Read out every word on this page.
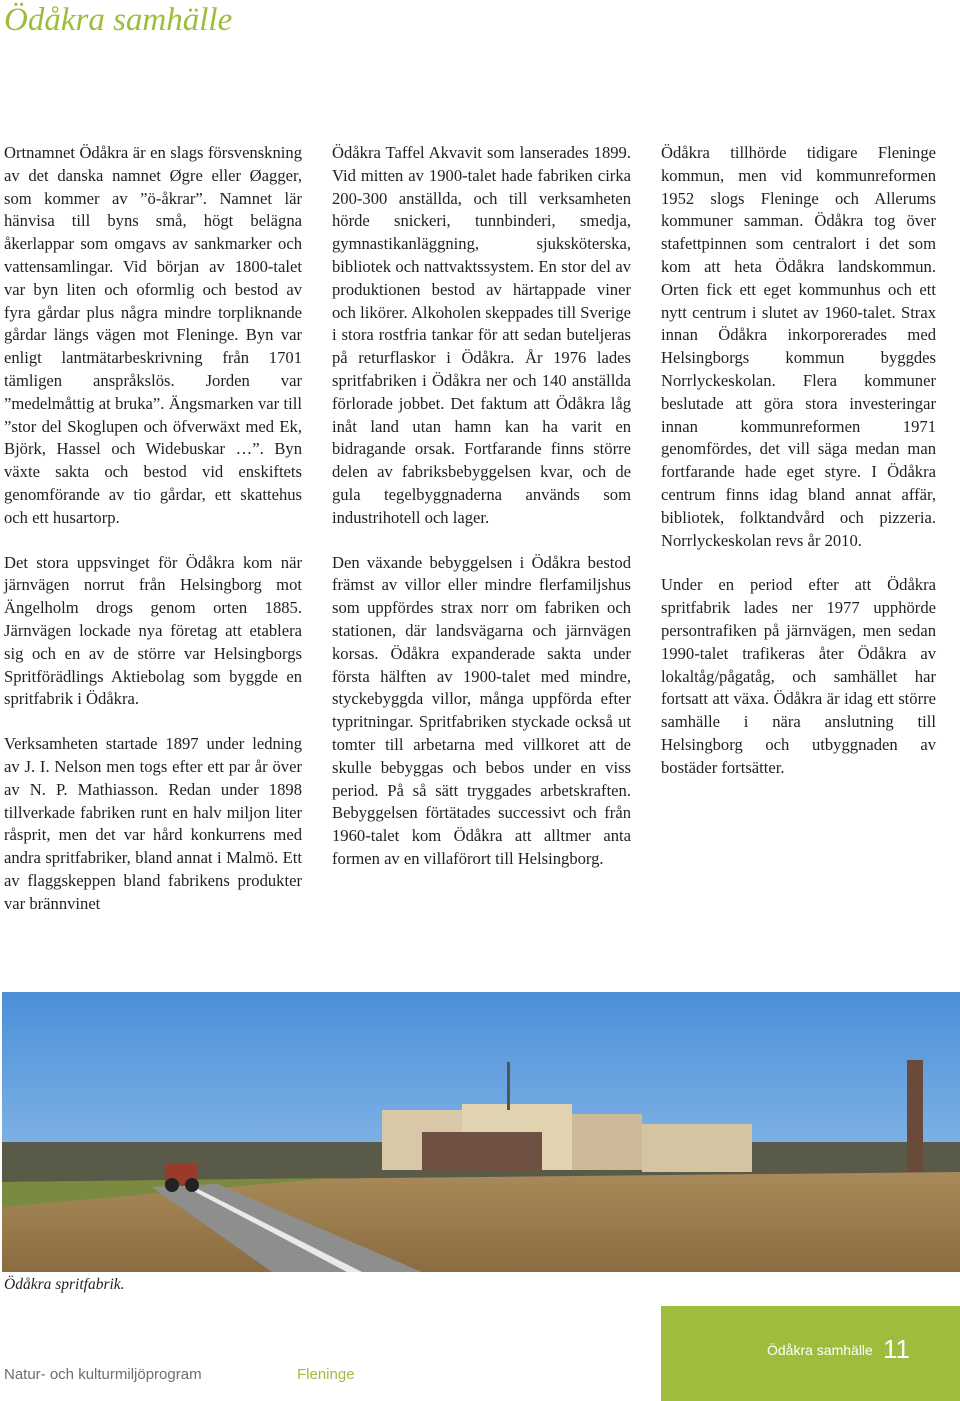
Ödåkra samhälle

Ortnamnet Ödåkra är en slags försvenskning av det danska namnet Øgre eller Øagger, som kommer av ”ö-åkrar”. Namnet lär hänvisa till byns små, högt belägna åkerlappar som omgavs av sankmarker och vattensamlingar. Vid början av 1800-talet var byn liten och oformlig och bestod av fyra gårdar plus några mindre torpliknande gårdar längs vägen mot Fleninge. Byn var enligt lantmätarbeskrivning från 1701 tämligen anspråkslös. Jorden var ”medelmåttig at bruka”. Ängsmarken var till ”stor del Skoglupen och öfverwäxt med Ek, Björk, Hassel och Widebuskar …”. Byn växte sakta och bestod vid enskiftets genomförande av tio gårdar, ett skattehus och ett husartorp.

Det stora uppsvinget för Ödåkra kom när järnvägen norrut från Helsingborg mot Ängelholm drogs genom orten 1885. Järnvägen lockade nya företag att etablera sig och en av de större var Helsingborgs Spritförädlings Aktiebolag som byggde en spritfabrik i Ödåkra.

Verksamheten startade 1897 under ledning av J. I. Nelson men togs efter ett par år över av N. P. Mathiasson. Redan under 1898 tillverkade fabriken runt en halv miljon liter råsprit, men det var hård konkurrens med andra spritfabriker, bland annat i Malmö. Ett av flaggskeppen bland fabrikens produkter var brännvinet

Ödåkra Taffel Akvavit som lanserades 1899. Vid mitten av 1900-talet hade fabriken cirka 200-300 anställda, och till verksamheten hörde snickeri, tunnbinderi, smedja, gymnastikanläggning, sjuksköterska, bibliotek och nattvaktssystem. En stor del av produktionen bestod av härtappade viner och likörer. Alkoholen skeppades till Sverige i stora rostfria tankar för att sedan buteljeras på returflaskor i Ödåkra. År 1976 lades spritfabriken i Ödåkra ner och 140 anställda förlorade jobbet. Det faktum att Ödåkra låg inåt land utan hamn kan ha varit en bidragande orsak. Fortfarande finns större delen av fabriksbebyggelsen kvar, och de gula tegelbyggnaderna används som industrihotell och lager.

Den växande bebyggelsen i Ödåkra bestod främst av villor eller mindre flerfamiljshus som uppfördes strax norr om fabriken och stationen, där landsvägarna och järnvägen korsas. Ödåkra expanderade sakta under första hälften av 1900-talet med mindre, styckebyggda villor, många uppförda efter typritningar. Spritfabriken styckade också ut tomter till arbetarna med villkoret att de skulle bebyggas och bebos under en viss period. På så sätt tryggades arbetskraften. Bebyggelsen förtätades successivt och från 1960-talet kom Ödåkra att alltmer anta formen av en villaförort till Helsingborg.

Ödåkra tillhörde tidigare Fleninge kommun, men vid kommunreformen 1952 slogs Fleninge och Allerums kommuner samman. Ödåkra tog över stafettpinnen som centralort i det som kom att heta Ödåkra landskommun. Orten fick ett eget kommunhus och ett nytt centrum i slutet av 1960-talet. Strax innan Ödåkra inkorporerades med Helsingborgs kommun byggdes Norrlyckeskolan. Flera kommuner beslutade att göra stora investeringar innan kommunreformen 1971 genomfördes, det vill säga medan man fortfarande hade eget styre. I Ödåkra centrum finns idag bland annat affär, bibliotek, folktandvård och pizzeria. Norrlyckeskolan revs år 2010.

Under en period efter att Ödåkra spritfabrik lades ner 1977 upphörde persontrafiken på järnvägen, men sedan 1990-talet trafikeras åter Ödåkra av lokaltåg/pågatåg, och samhället har fortsatt att växa. Ödåkra är idag ett större samhälle i nära anslutning till Helsingborg och utbyggnaden av bostäder fortsätter.

Ödåkra spritfabrik.
Natur- och kulturmiljöprogram	Fleninge
Ödåkra samhälle 11
